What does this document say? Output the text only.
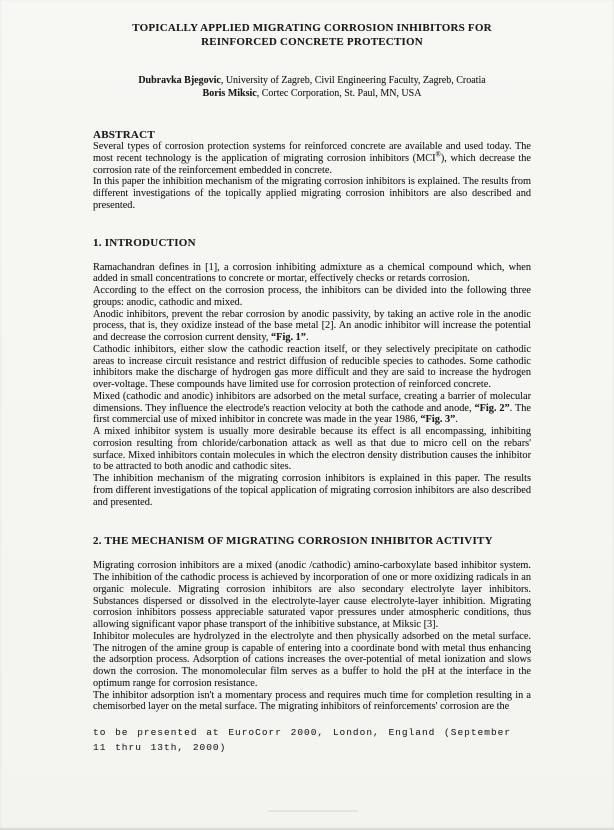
TOPICALLY APPLIED MIGRATING CORROSION INHIBITORS FOR
REINFORCED CONCRETE PROTECTION
Dubravka Bjegovic, University of Zagreb, Civil Engineering Faculty, Zagreb, Croatia
Boris Miksic, Cortec Corporation, St. Paul, MN, USA
ABSTRACT

Several types of corrosion protection systems for reinforced concrete are available and used today. The most recent technology is the application of migrating corrosion inhibitors (MCI®), which decrease the corrosion rate of the reinforcement embedded in concrete.

In this paper the inhibition mechanism of the migrating corrosion inhibitors is explained. The results from different investigations of the topically applied migrating corrosion inhibitors are also described and presented.

1. INTRODUCTION

Ramachandran defines in [1], a corrosion inhibiting admixture as a chemical compound which, when added in small concentrations to concrete or mortar, effectively checks or retards corrosion.

According to the effect on the corrosion process, the inhibitors can be divided into the following three groups: anodic, cathodic and mixed.

Anodic inhibitors, prevent the rebar corrosion by anodic passivity, by taking an active role in the anodic process, that is, they oxidize instead of the base metal [2]. An anodic inhibitor will increase the potential and decrease the corrosion current density, “Fig. 1”.

Cathodic inhibitors, either slow the cathodic reaction itself, or they selectively precipitate on cathodic areas to increase circuit resistance and restrict diffusion of reducible species to cathodes. Some cathodic inhibitors make the discharge of hydrogen gas more difficult and they are said to increase the hydrogen over-voltage. These compounds have limited use for corrosion protection of reinforced concrete.

Mixed (cathodic and anodic) inhibitors are adsorbed on the metal surface, creating a barrier of molecular dimensions. They influence the electrode's reaction velocity at both the cathode and anode, “Fig. 2”. The first commercial use of mixed inhibitor in concrete was made in the year 1986, “Fig. 3”.

A mixed inhibitor system is usually more desirable because its effect is all encompassing, inhibiting corrosion resulting from chloride/carbonation attack as well as that due to micro cell on the rebars' surface. Mixed inhibitors contain molecules in which the electron density distribution causes the inhibitor to be attracted to both anodic and cathodic sites.

The inhibition mechanism of the migrating corrosion inhibitors is explained in this paper. The results from different investigations of the topical application of migrating corrosion inhibitors are also described and presented.

2. THE MECHANISM OF MIGRATING CORROSION INHIBITOR ACTIVITY

Migrating corrosion inhibitors are a mixed (anodic /cathodic) amino-carboxylate based inhibitor system. The inhibition of the cathodic process is achieved by incorporation of one or more oxidizing radicals in an organic molecule. Migrating corrosion inhibitors are also secondary electrolyte layer inhibitors. Substances dispersed or dissolved in the electrolyte-layer cause electrolyte-layer inhibition. Migrating corrosion inhibitors possess appreciable saturated vapor pressures under atmospheric conditions, thus allowing significant vapor phase transport of the inhibitive substance, at Miksic [3].

Inhibitor molecules are hydrolyzed in the electrolyte and then physically adsorbed on the metal surface. The nitrogen of the amine group is capable of entering into a coordinate bond with metal thus enhancing the adsorption process. Adsorption of cations increases the over-potential of metal ionization and slows down the corrosion. The monomolecular film serves as a buffer to hold the pH at the interface in the optimum range for corrosion resistance.

The inhibitor adsorption isn't a momentary process and requires much time for completion resulting in a chemisorbed layer on the metal surface. The migrating inhibitors of reinforcements' corrosion are the

to be presented at EuroCorr 2000, London, England (September
11 thru 13th, 2000)
